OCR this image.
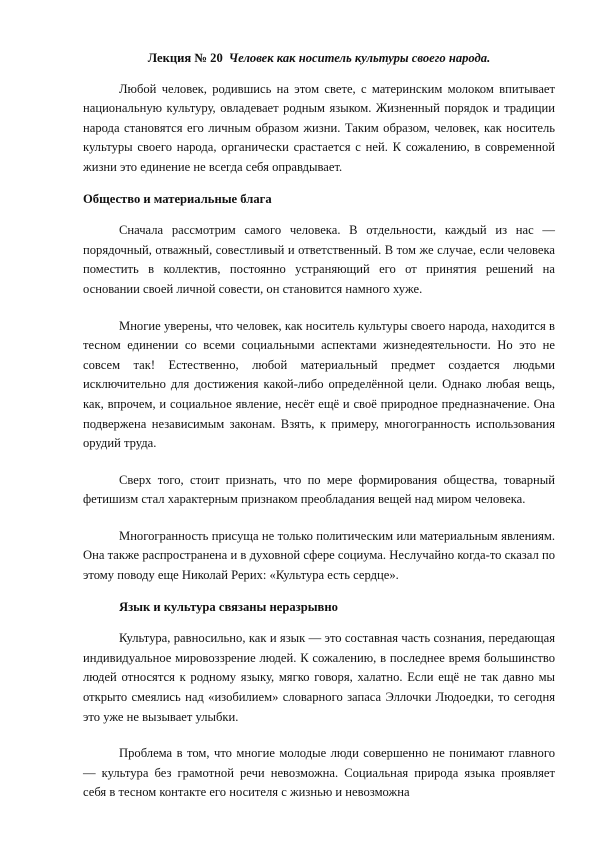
Лекция № 20 Человек как носитель культуры своего народа.

Любой человек, родившись на этом свете, с материнским молоком впитывает национальную культуру, овладевает родным языком. Жизненный порядок и традиции народа становятся его личным образом жизни. Таким образом, человек, как носитель культуры своего народа, органически срастается с ней. К сожалению, в современной жизни это единение не всегда себя оправдывает.

Общество и материальные блага

Сначала рассмотрим самого человека. В отдельности, каждый из нас — порядочный, отважный, совестливый и ответственный. В том же случае, если человека поместить в коллектив, постоянно устраняющий его от принятия решений на основании своей личной совести, он становится намного хуже.

Многие уверены, что человек, как носитель культуры своего народа, находится в тесном единении со всеми социальными аспектами жизнедеятельности. Но это не совсем так! Естественно, любой материальный предмет создается людьми исключительно для достижения какой-либо определённой цели. Однако любая вещь, как, впрочем, и социальное явление, несёт ещё и своё природное предназначение. Она подвержена независимым законам. Взять, к примеру, многогранность использования орудий труда.

Сверх того, стоит признать, что по мере формирования общества, товарный фетишизм стал характерным признаком преобладания вещей над миром человека.

Многогранность присуща не только политическим или материальным явлениям. Она также распространена и в духовной сфере социума. Неслучайно когда-то сказал по этому поводу еще Николай Рерих: «Культура есть сердце».

Язык и культура связаны неразрывно

Культура, равносильно, как и язык — это составная часть сознания, передающая индивидуальное мировоззрение людей. К сожалению, в последнее время большинство людей относятся к родному языку, мягко говоря, халатно. Если ещё не так давно мы открыто смеялись над «изобилием» словарного запаса Эллочки Людоедки, то сегодня это уже не вызывает улыбки.

Проблема в том, что многие молодые люди совершенно не понимают главного — культура без грамотной речи невозможна. Социальная природа языка проявляет себя в тесном контакте его носителя с жизнью и невозможна
